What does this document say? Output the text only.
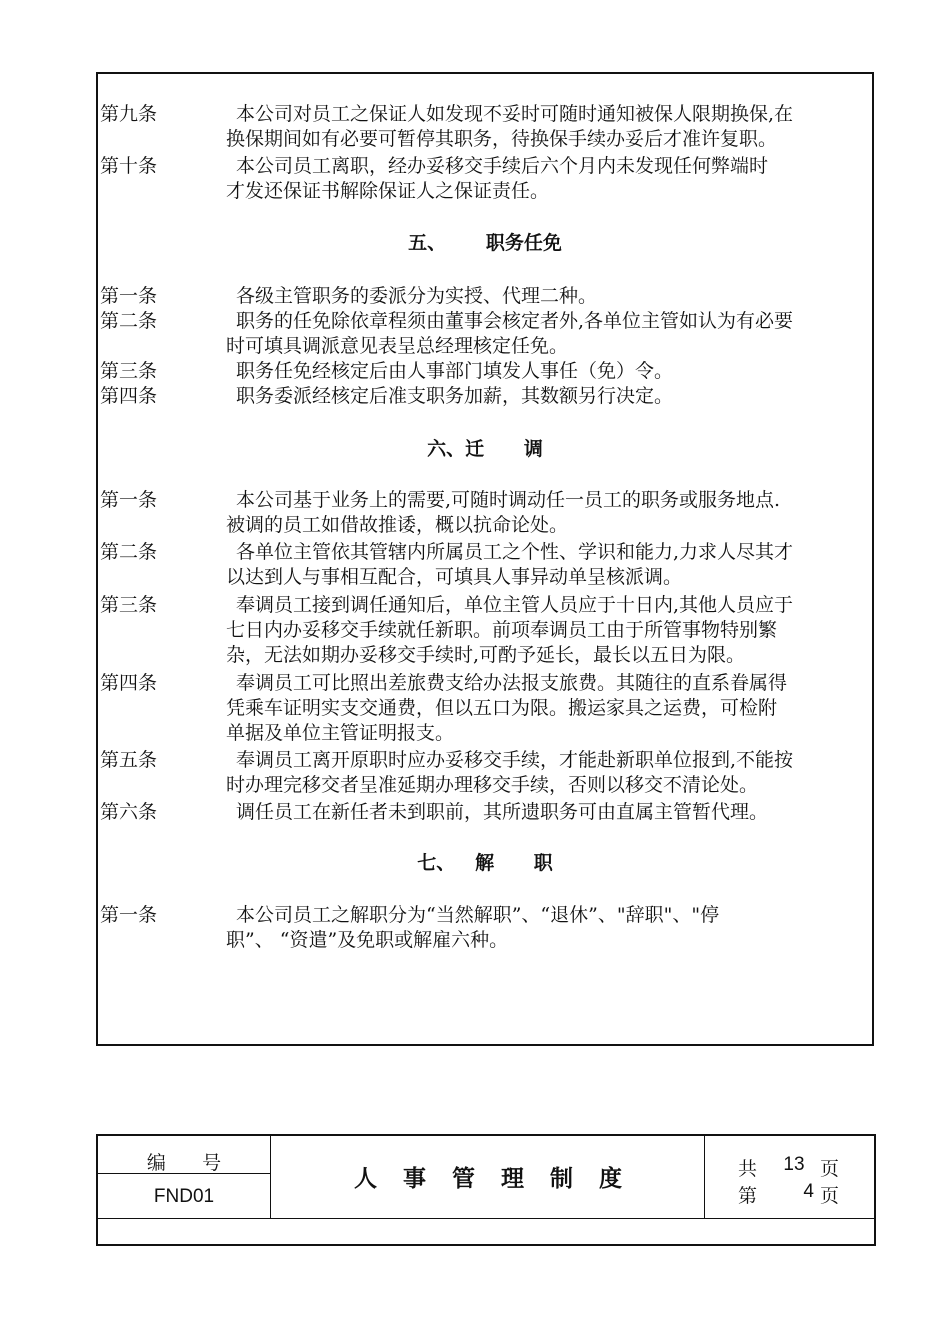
第九条	本公司对员工之保证人如发现不妥时可随时通知被保人限期换保,在
换保期间如有必要可暂停其职务，待换保手续办妥后才准许复职。
第十条	本公司员工离职，经办妥移交手续后六个月内未发现任何弊端时
才发还保证书解除保证人之保证责任。
五、      职务任免
第一条	各级主管职务的委派分为实授、代理二种。
第二条	职务的任免除依章程须由董事会核定者外,各单位主管如认为有必要
时可填具调派意见表呈总经理核定任免。
第三条	职务任免经核定后由人事部门填发人事任（免）令。
第四条	职务委派经核定后准支职务加薪，其数额另行决定。
六、迁      调
第一条	本公司基于业务上的需要,可随时调动任一员工的职务或服务地点.
被调的员工如借故推诿，概以抗命论处。
第二条	各单位主管依其管辖内所属员工之个性、学识和能力,力求人尽其才
以达到人与事相互配合，可填具人事异动单呈核派调。
第三条	奉调员工接到调任通知后，单位主管人员应于十日内,其他人员应于
七日内办妥移交手续就任新职。前项奉调员工由于所管事物特别繁
杂，无法如期办妥移交手续时,可酌予延长，最长以五日为限。
第四条	奉调员工可比照出差旅费支给办法报支旅费。其随往的直系眷属得
凭乘车证明实支交通费，但以五口为限。搬运家具之运费，可检附
单据及单位主管证明报支。
第五条	奉调员工离开原职时应办妥移交手续，才能赴新职单位报到,不能按
时办理完移交者呈准延期办理移交手续，否则以移交不清论处。
第六条	调任员工在新任者未到职前，其所遗职务可由直属主管暂代理。
七、   解      职
第一条	本公司员工之解职分为“当然解职”、“退休”、"辞职"、"停
职”、 “资遣”及免职或解雇六种。
编      号
FND01
人事管理制度	共	13 页
第	4 页
